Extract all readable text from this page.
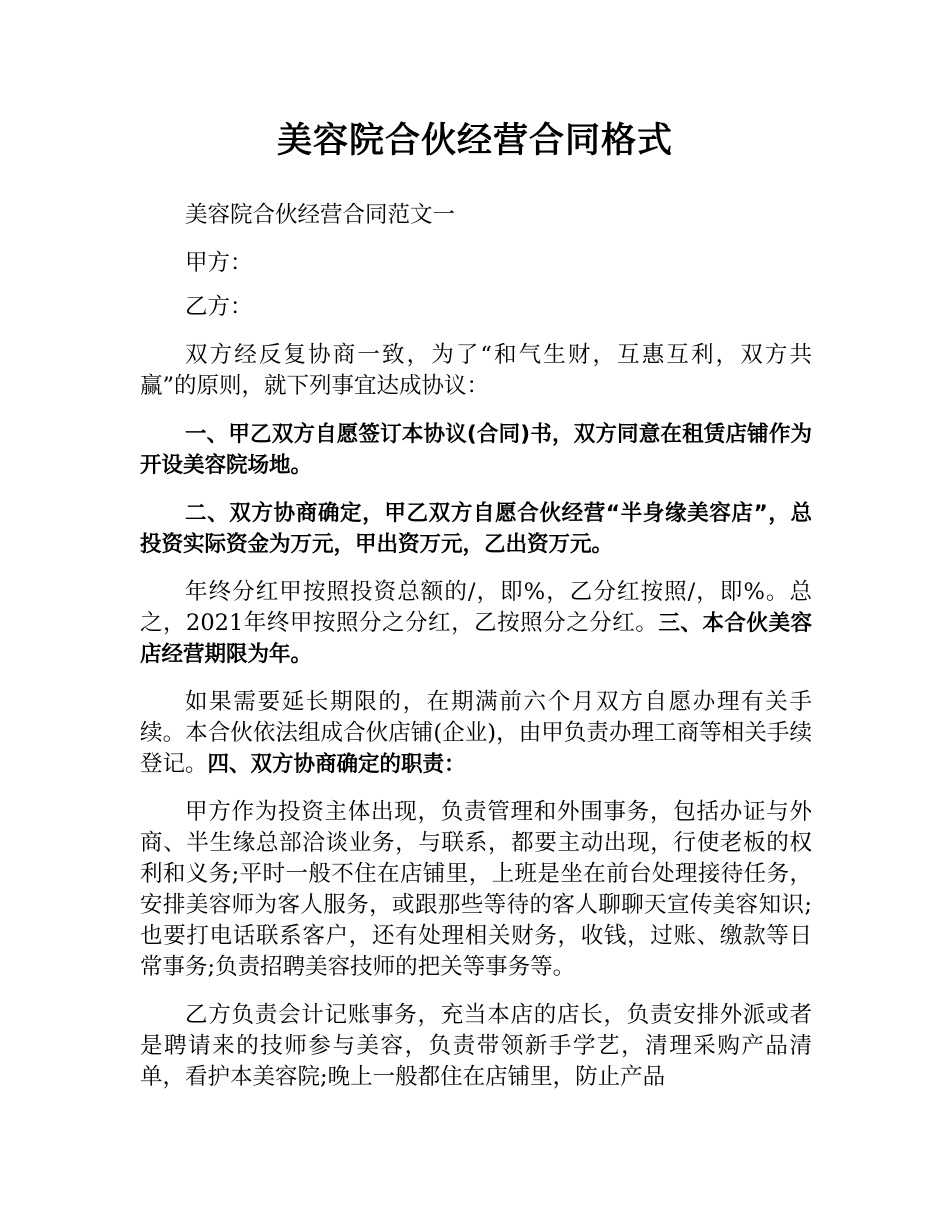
美容院合伙经营合同格式

美容院合伙经营合同范文一

甲方：

乙方：

双方经反复协商一致，为了“和气生财，互惠互利，双方共赢”的原则，就下列事宜达成协议：

一、甲乙双方自愿签订本协议(合同)书，双方同意在租赁店铺作为开设美容院场地。

二、双方协商确定，甲乙双方自愿合伙经营“半身缘美容店”，总投资实际资金为万元，甲出资万元，乙出资万元。

年终分红甲按照投资总额的/，即%，乙分红按照/，即%。总之，2021年终甲按照分之分红，乙按照分之分红。三、本合伙美容店经营期限为年。

如果需要延长期限的，在期满前六个月双方自愿办理有关手续。本合伙依法组成合伙店铺(企业)，由甲负责办理工商等相关手续登记。四、双方协商确定的职责：

甲方作为投资主体出现，负责管理和外围事务，包括办证与外商、半生缘总部洽谈业务，与联系，都要主动出现，行使老板的权利和义务;平时一般不住在店铺里，上班是坐在前台处理接待任务，安排美容师为客人服务，或跟那些等待的客人聊聊天宣传美容知识;也要打电话联系客户，还有处理相关财务，收钱，过账、缴款等日常事务;负责招聘美容技师的把关等事务等。

乙方负责会计记账事务，充当本店的店长，负责安排外派或者是聘请来的技师参与美容，负责带领新手学艺，清理采购产品清单，看护本美容院;晚上一般都住在店铺里，防止产品
